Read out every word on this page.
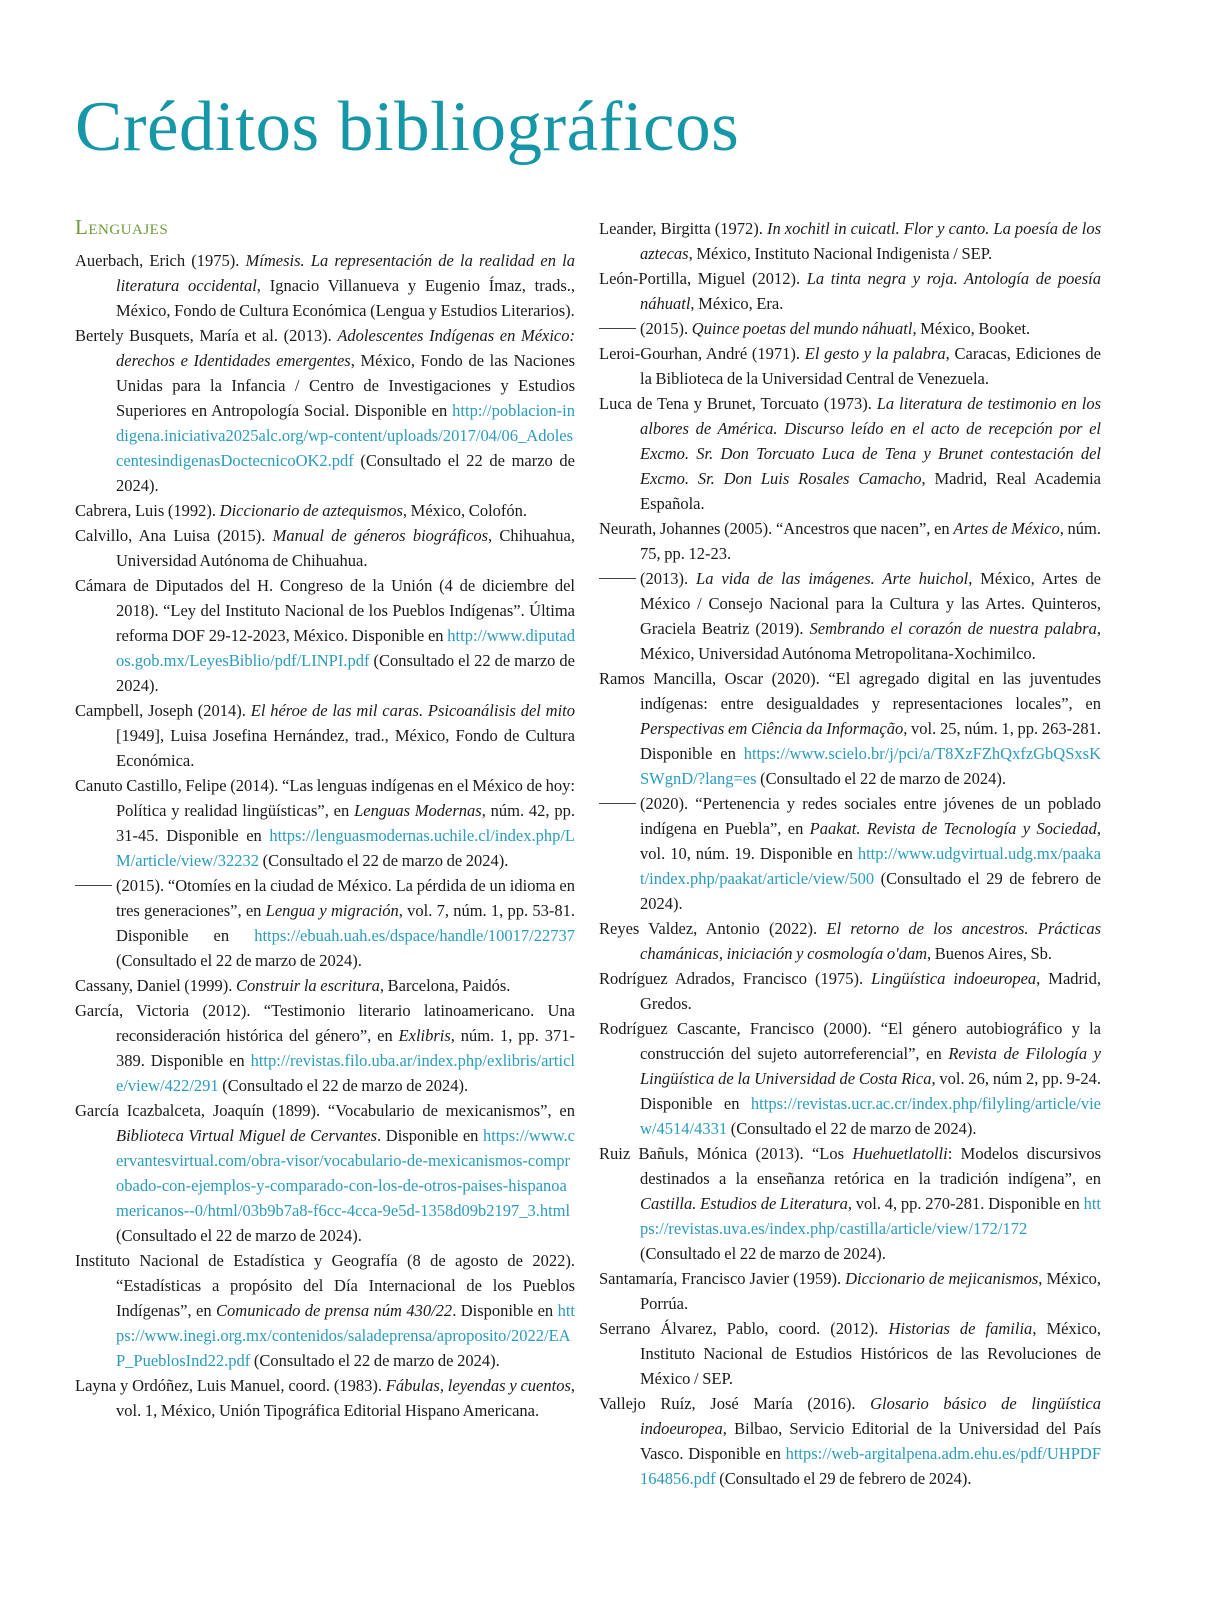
Créditos bibliográficos
Lenguajes

Auerbach, Erich (1975). Mímesis. La representación de la realidad en la literatura occidental, Ignacio Villanueva y Eugenio Ímaz, trads., México, Fondo de Cultura Económica (Lengua y Estudios Literarios).

Bertely Busquets, María et al. (2013). Adolescentes Indígenas en México: derechos e Identidades emergentes, México, Fondo de las Naciones Unidas para la Infancia / Centro de Investigaciones y Estudios Superiores en Antropología Social. Disponible en http://poblacion-indigena.iniciativa2025alc.org/wp-content/uploads/2017/04/06_AdolescentesindigenasDoctecnicoOK2.pdf (Consultado el 22 de marzo de 2024).

Cabrera, Luis (1992). Diccionario de aztequismos, México, Colofón.

Calvillo, Ana Luisa (2015). Manual de géneros biográficos, Chihuahua, Universidad Autónoma de Chihuahua.

Cámara de Diputados del H. Congreso de la Unión (4 de diciembre del 2018). “Ley del Instituto Nacional de los Pueblos Indígenas”. Última reforma DOF 29-12-2023, México. Disponible en http://www.diputados.gob.mx/LeyesBiblio/pdf/LINPI.pdf (Consultado el 22 de marzo de 2024).

Campbell, Joseph (2014). El héroe de las mil caras. Psicoanálisis del mito [1949], Luisa Josefina Hernández, trad., México, Fondo de Cultura Económica.

Canuto Castillo, Felipe (2014). “Las lenguas indígenas en el México de hoy: Política y realidad lingüísticas”, en Lenguas Modernas, núm. 42, pp. 31-45. Disponible en https://lenguasmodernas.uchile.cl/index.php/LM/article/view/32232 (Consultado el 22 de marzo de 2024).

(2015). “Otomíes en la ciudad de México. La pérdida de un idioma en tres generaciones”, en Lengua y migración, vol. 7, núm. 1, pp. 53-81. Disponible en https://ebuah.uah.es/dspace/handle/10017/22737 (Consultado el 22 de marzo de 2024).

Cassany, Daniel (1999). Construir la escritura, Barcelona, Paidós.

García, Victoria (2012). “Testimonio literario latinoamericano. Una reconsideración histórica del género”, en Exlibris, núm. 1, pp. 371-389. Disponible en http://revistas.filo.uba.ar/index.php/exlibris/article/view/422/291 (Consultado el 22 de marzo de 2024).

García Icazbalceta, Joaquín (1899). “Vocabulario de mexicanismos”, en Biblioteca Virtual Miguel de Cervantes. Disponible en https://www.cervantesvirtual.com/obra-visor/vocabulario-de-mexicanismos-comprobado-con-ejemplos-y-comparado-con-los-de-otros-paises-hispanoamericanos--0/html/03b9b7a8-f6cc-4cca-9e5d-1358d09b2197_3.html (Consultado el 22 de marzo de 2024).

Instituto Nacional de Estadística y Geografía (8 de agosto de 2022). “Estadísticas a propósito del Día Internacional de los Pueblos Indígenas”, en Comunicado de prensa núm 430/22. Disponible en https://www.inegi.org.mx/contenidos/saladeprensa/aproposito/2022/EAP_PueblosInd22.pdf (Consultado el 22 de marzo de 2024).

Layna y Ordóñez, Luis Manuel, coord. (1983). Fábulas, leyendas y cuentos, vol. 1, México, Unión Tipográfica Editorial Hispano Americana.

Leander, Birgitta (1972). In xochitl in cuicatl. Flor y canto. La poesía de los aztecas, México, Instituto Nacional Indigenista / SEP.

León-Portilla, Miguel (2012). La tinta negra y roja. Antología de poesía náhuatl, México, Era.

(2015). Quince poetas del mundo náhuatl, México, Booket.

Leroi-Gourhan, André (1971). El gesto y la palabra, Caracas, Ediciones de la Biblioteca de la Universidad Central de Venezuela.

Luca de Tena y Brunet, Torcuato (1973). La literatura de testimonio en los albores de América. Discurso leído en el acto de recepción por el Excmo. Sr. Don Torcuato Luca de Tena y Brunet contestación del Excmo. Sr. Don Luis Rosales Camacho, Madrid, Real Academia Española.

Neurath, Johannes (2005). “Ancestros que nacen”, en Artes de México, núm. 75, pp. 12-23.

(2013). La vida de las imágenes. Arte huichol, México, Artes de México / Consejo Nacional para la Cultura y las Artes. Quinteros, Graciela Beatriz (2019). Sembrando el corazón de nuestra palabra, México, Universidad Autónoma Metropolitana-Xochimilco.

Ramos Mancilla, Oscar (2020). “El agregado digital en las juventudes indígenas: entre desigualdades y representaciones locales”, en Perspectivas em Ciência da Informação, vol. 25, núm. 1, pp. 263-281. Disponible en https://www.scielo.br/j/pci/a/T8XzFZhQxfzGbQSxsKSWgnD/?lang=es (Consultado el 22 de marzo de 2024).

(2020). “Pertenencia y redes sociales entre jóvenes de un poblado indígena en Puebla”, en Paakat. Revista de Tecnología y Sociedad, vol. 10, núm. 19. Disponible en http://www.udgvirtual.udg.mx/paakat/index.php/paakat/article/view/500 (Consultado el 29 de febrero de 2024).

Reyes Valdez, Antonio (2022). El retorno de los ancestros. Prácticas chamánicas, iniciación y cosmología o'dam, Buenos Aires, Sb.

Rodríguez Adrados, Francisco (1975). Lingüística indoeuropea, Madrid, Gredos.

Rodríguez Cascante, Francisco (2000). “El género autobiográfico y la construcción del sujeto autorreferencial”, en Revista de Filología y Lingüística de la Universidad de Costa Rica, vol. 26, núm 2, pp. 9-24. Disponible en https://revistas.ucr.ac.cr/index.php/filyling/article/view/4514/4331 (Consultado el 22 de marzo de 2024).

Ruiz Bañuls, Mónica (2013). “Los Huehuetlatolli: Modelos discursivos destinados a la enseñanza retórica en la tradición indígena”, en Castilla. Estudios de Literatura, vol. 4, pp. 270-281. Disponible en https://revistas.uva.es/index.php/castilla/article/view/172/172 (Consultado el 22 de marzo de 2024).

Santamaría, Francisco Javier (1959). Diccionario de mejicanismos, México, Porrúa.

Serrano Álvarez, Pablo, coord. (2012). Historias de familia, México, Instituto Nacional de Estudios Históricos de las Revoluciones de México / SEP.

Vallejo Ruíz, José María (2016). Glosario básico de lingüística indoeuropea, Bilbao, Servicio Editorial de la Universidad del País Vasco. Disponible en https://web-argitalpena.adm.ehu.es/pdf/UHPDF164856.pdf (Consultado el 29 de febrero de 2024).
